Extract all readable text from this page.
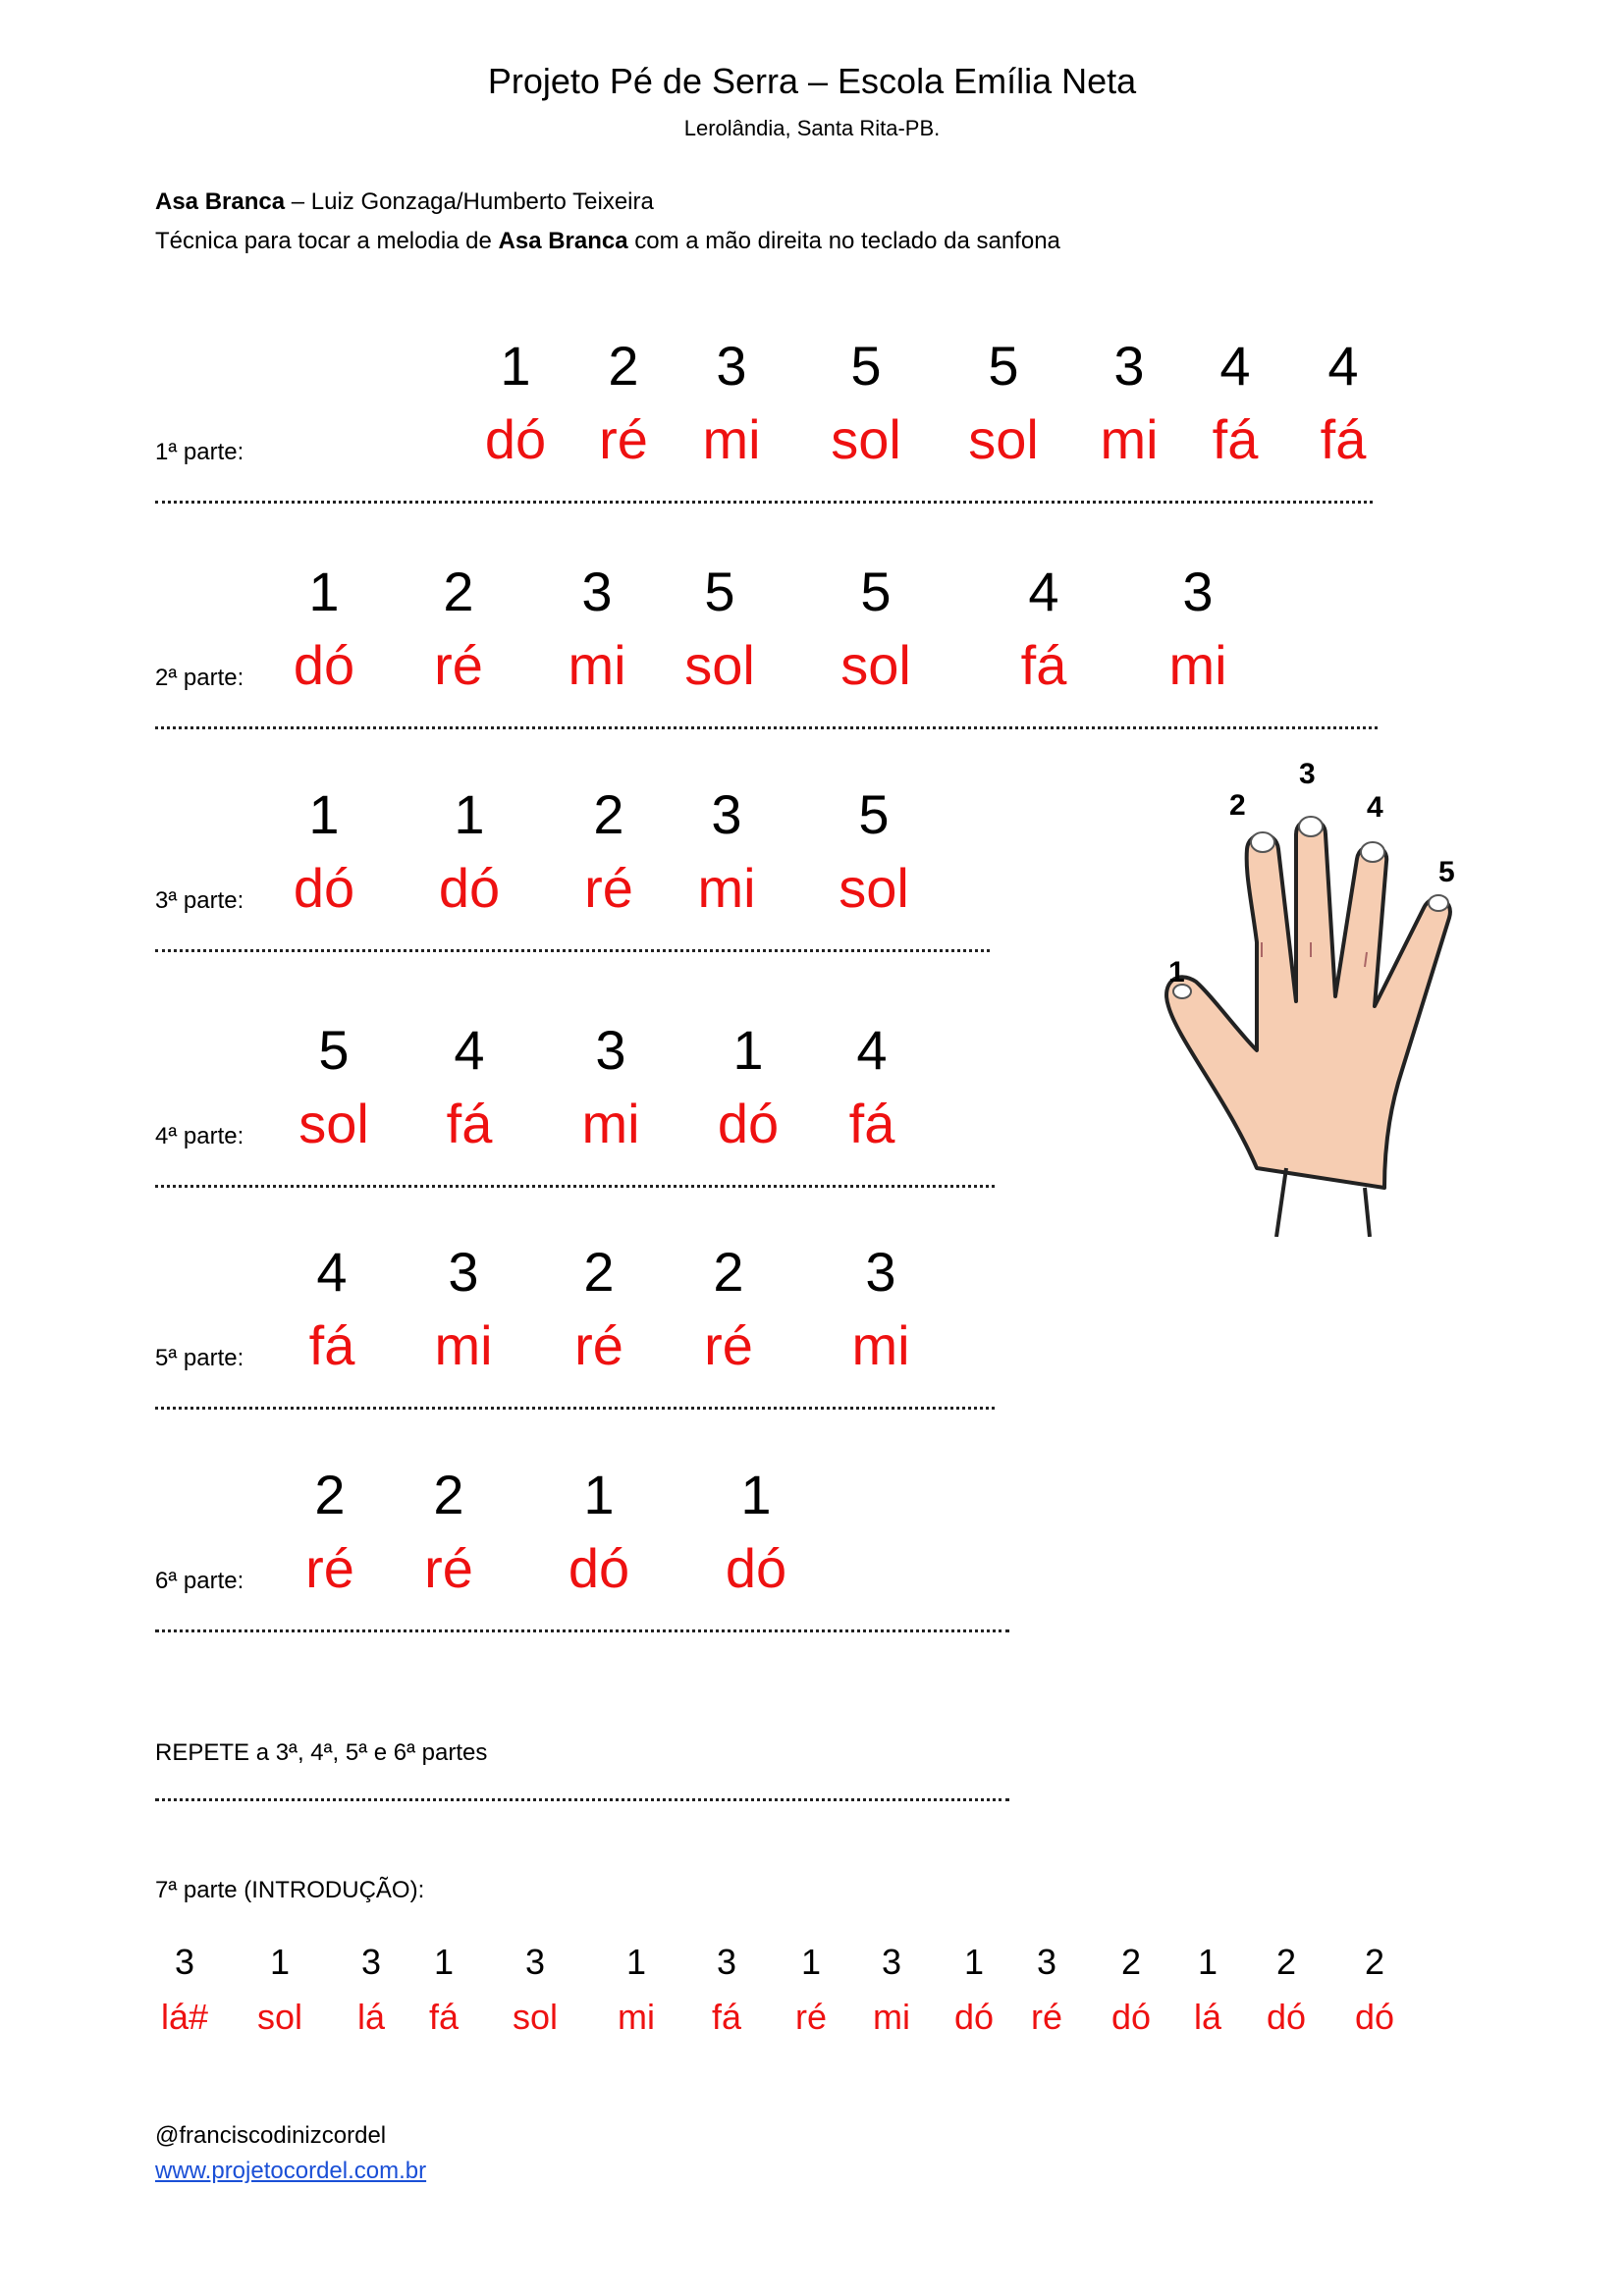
Projeto Pé de Serra – Escola Emília Neta
Lerolândia, Santa Rita-PB.
Asa Branca – Luiz Gonzaga/Humberto Teixeira
Técnica para tocar a melodia de Asa Branca com a mão direita no teclado da sanfona
1ª parte:
1 2 3 5 5 3 4 4
dó ré mi sol sol mi fá fá
2ª parte:
1 2 3 5 5 4 3
dó ré mi sol sol fá mi
3ª parte:
1 1 2 3 5
dó dó ré mi sol
4ª parte:
5 4 3 1 4
sol fá mi dó fá
5ª parte:
4 3 2 2 3
fá mi ré ré mi
6ª parte:
2 2 1 1
ré ré dó dó
1
2
3
4
5
REPETE a 3ª, 4ª, 5ª e 6ª partes
7ª parte (INTRODUÇÃO):
3 1 3 1 3 1 3 1 3 1 3 2 1 2 2
lá# sol lá fá sol mi fá ré mi dó ré dó lá dó dó
@franciscodinizcordel
www.projetocordel.com.br
